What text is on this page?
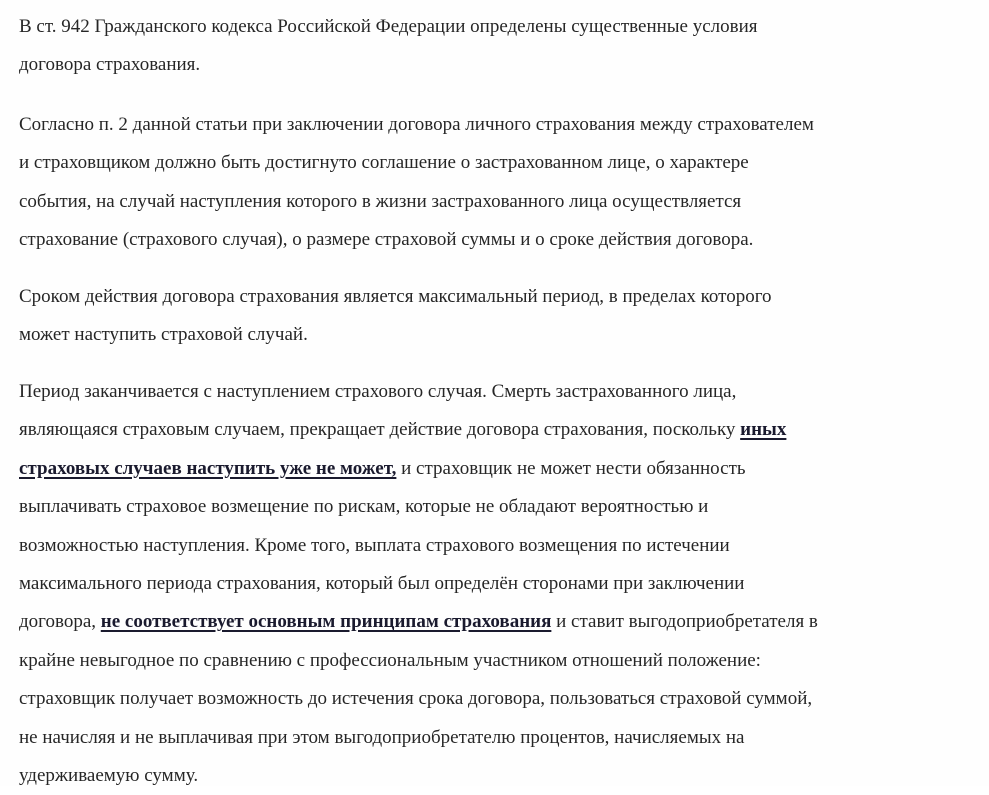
В ст. 942 Гражданского кодекса Российской Федерации определены существенные условия
договора страхования.
Согласно п. 2 данной статьи при заключении договора личного страхования между страхователем
и страховщиком должно быть достигнуто соглашение о застрахованном лице, о характере
события, на случай наступления которого в жизни застрахованного лица осуществляется
страхование (страхового случая), о размере страховой суммы и о сроке действия договора.
Сроком действия договора страхования является максимальный период, в пределах которого
может наступить страховой случай.
Период заканчивается с наступлением страхового случая. Смерть застрахованного лица,
являющаяся страховым случаем, прекращает действие договора страхования, поскольку иных
страховых случаев наступить уже не может, и страховщик не может нести обязанность
выплачивать страховое возмещение по рискам, которые не обладают вероятностью и
возможностью наступления. Кроме того, выплата страхового возмещения по истечении
максимального периода страхования, который был определён сторонами при заключении
договора, не соответствует основным принципам страхования и ставит выгодоприобретателя в
крайне невыгодное по сравнению с профессиональным участником отношений положение:
страховщик получает возможность до истечения срока договора, пользоваться страховой суммой,
не начисляя и не выплачивая при этом выгодоприобретателю процентов, начисляемых на
удерживаемую сумму.
